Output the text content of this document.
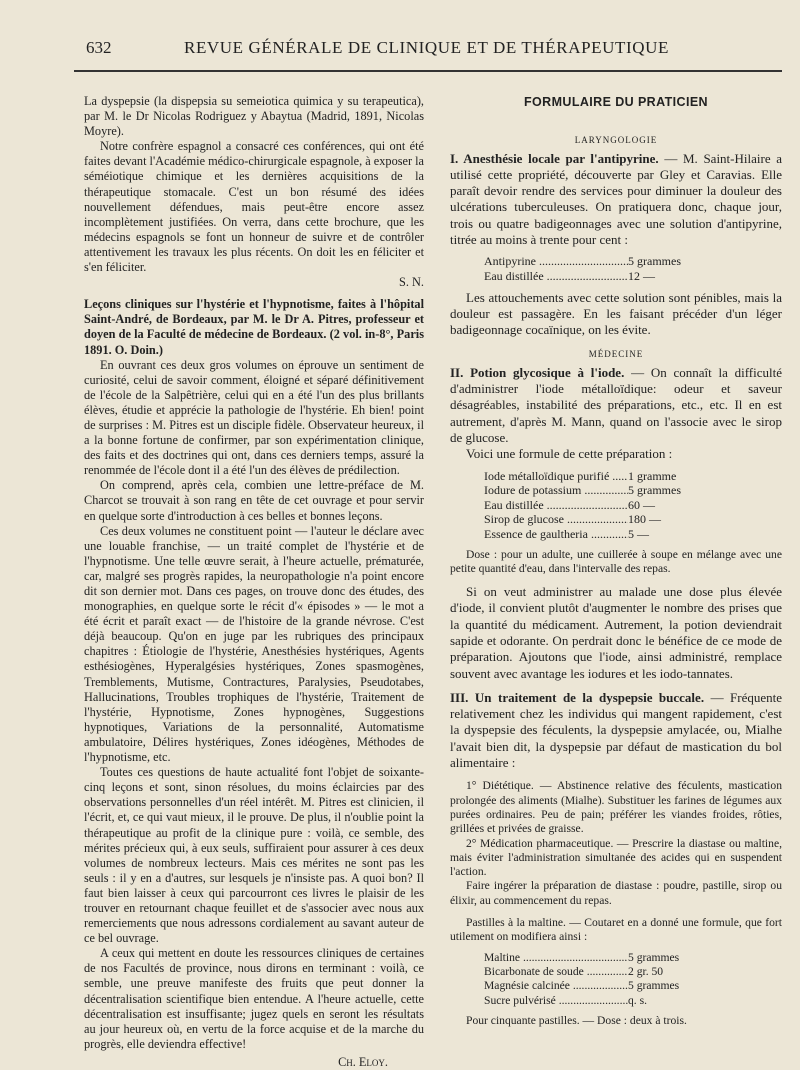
632	REVUE GÉNÉRALE DE CLINIQUE ET DE THÉRAPEUTIQUE

La dyspepsie (la dispepsia su semeiotica quimica y su terapeutica), par M. le Dr Nicolas Rodriguez y Abaytua (Madrid, 1891, Nicolas Moyre).

Notre confrère espagnol a consacré ces conférences, qui ont été faites devant l'Académie médico-chirurgicale espagnole, à exposer la séméiotique chimique et les dernières acquisitions de la thérapeutique stomacale. C'est un bon résumé des idées nouvellement défendues, mais peut-être encore assez incomplètement justifiées. On verra, dans cette brochure, que les médecins espagnols se font un honneur de suivre et de contrôler attentivement les travaux les plus récents. On doit les en féliciter et s'en féliciter.

S. N.

Leçons cliniques sur l'hystérie et l'hypnotisme, faites à l'hôpital Saint-André, de Bordeaux, par M. le Dr A. Pitres, professeur et doyen de la Faculté de médecine de Bordeaux. (2 vol. in-8°, Paris 1891. O. Doin.)

En ouvrant ces deux gros volumes on éprouve un sentiment de curiosité, celui de savoir comment, éloigné et séparé définitivement de l'école de la Salpêtrière, celui qui en a été l'un des plus brillants élèves, étudie et apprécie la pathologie de l'hystérie. Eh bien! point de surprises : M. Pitres est un disciple fidèle. Observateur heureux, il a la bonne fortune de confirmer, par son expérimentation clinique, des faits et des doctrines qui ont, dans ces derniers temps, assuré la renommée de l'école dont il a été l'un des élèves de prédilection.

On comprend, après cela, combien une lettre-préface de M. Charcot se trouvait à son rang en tête de cet ouvrage et pour servir en quelque sorte d'introduction à ces belles et bonnes leçons.

Ces deux volumes ne constituent point — l'auteur le déclare avec une louable franchise, — un traité complet de l'hystérie et de l'hypnotisme. Une telle œuvre serait, à l'heure actuelle, prématurée, car, malgré ses progrès rapides, la neuropathologie n'a point encore dit son dernier mot. Dans ces pages, on trouve donc des études, des monographies, en quelque sorte le récit d'« épisodes » — le mot a été écrit et paraît exact — de l'histoire de la grande névrose. C'est déjà beaucoup. Qu'on en juge par les rubriques des principaux chapitres : Étiologie de l'hystérie, Anesthésies hystériques, Agents esthésiogènes, Hyperalgésies hystériques, Zones spasmogènes, Tremblements, Mutisme, Contractures, Paralysies, Pseudotabes, Hallucinations, Troubles trophiques de l'hystérie, Traitement de l'hystérie, Hypnotisme, Zones hypnogènes, Suggestions hypnotiques, Variations de la personnalité, Automatisme ambulatoire, Délires hystériques, Zones idéogènes, Méthodes de l'hypnotisme, etc.

Toutes ces questions de haute actualité font l'objet de soixante-cinq leçons et sont, sinon résolues, du moins éclaircies par des observations personnelles d'un réel intérêt. M. Pitres est clinicien, il l'écrit, et, ce qui vaut mieux, il le prouve. De plus, il n'oublie point la thérapeutique au profit de la clinique pure : voilà, ce semble, des mérites précieux qui, à eux seuls, suffiraient pour assurer à ces deux volumes de nombreux lecteurs. Mais ces mérites ne sont pas les seuls : il y en a d'autres, sur lesquels je n'insiste pas. A quoi bon? Il faut bien laisser à ceux qui parcourront ces livres le plaisir de les trouver en retournant chaque feuillet et de s'associer avec nous aux remerciements que nous adressons cordialement au savant auteur de ce bel ouvrage.

A ceux qui mettent en doute les ressources cliniques de certaines de nos Facultés de province, nous dirons en terminant : voilà, ce semble, une preuve manifeste des fruits que peut donner la décentralisation scientifique bien entendue. A l'heure actuelle, cette décentralisation est insuffisante; jugez quels en seront les résultats au jour heureux où, en vertu de la force acquise et de la marche du progrès, elle deviendra effective!

Ch. Eloy.

FORMULAIRE DU PRATICIEN
LARYNGOLOGIE

I. Anesthésie locale par l'antipyrine. — M. Saint-Hilaire a utilisé cette propriété, découverte par Gley et Caravias. Elle paraît devoir rendre des services pour diminuer la douleur des ulcérations tuberculeuses. On pratiquera donc, chaque jour, trois ou quatre badigeonnages avec une solution d'antipyrine, titrée au moins à trente pour cent :

Antipyrine .....	5 grammes
Eau distillée .....	12 —

Les attouchements avec cette solution sont pénibles, mais la douleur est passagère. En les faisant précéder d'un léger badigeonnage cocaïnique, on les évite.

MÉDECINE

II. Potion glycosique à l'iode. — On connaît la difficulté d'administrer l'iode métalloïdique: odeur et saveur désagréables, instabilité des préparations, etc., etc. Il en est autrement, d'après M. Mann, quand on l'associe avec le sirop de glucose.

Voici une formule de cette préparation :

Iode métalloïdique purifié .....	1 gramme
Iodure de potassium .....	5 grammes
Eau distillée .....	60 —
Sirop de glucose .....	180 —
Essence de gaultheria .....	5 —

Dose : pour un adulte, une cuillerée à soupe en mélange avec une petite quantité d'eau, dans l'intervalle des repas.

Si on veut administrer au malade une dose plus élevée d'iode, il convient plutôt d'augmenter le nombre des prises que la quantité du médicament. Autrement, la potion deviendrait sapide et odorante. On perdrait donc le bénéfice de ce mode de préparation. Ajoutons que l'iode, ainsi administré, remplace souvent avec avantage les iodures et les iodo-tannates.

III. Un traitement de la dyspepsie buccale. — Fréquente relativement chez les individus qui mangent rapidement, c'est la dyspepsie des féculents, la dyspepsie amylacée, ou, Mialhe l'avait bien dit, la dyspepsie par défaut de mastication du bol alimentaire :

1° Diététique. — Abstinence relative des féculents, mastication prolongée des aliments (Mialhe). Substituer les farines de légumes aux purées ordinaires. Peu de pain; préférer les viandes froides, rôties, grillées et privées de graisse.

2° Médication pharmaceutique. — Prescrire la diastase ou maltine, mais éviter l'administration simultanée des acides qui en suspendent l'action.

Faire ingérer la préparation de diastase : poudre, pastille, sirop ou élixir, au commencement du repas.

Pastilles à la maltine. — Coutaret en a donné une formule, que fort utilement on modifiera ainsi :

Maltine .....	5 grammes
Bicarbonate de soude .....	2 gr. 50
Magnésie calcinée .....	5 grammes
Sucre pulvérisé .....	q. s.

Pour cinquante pastilles. — Dose : deux à trois.
